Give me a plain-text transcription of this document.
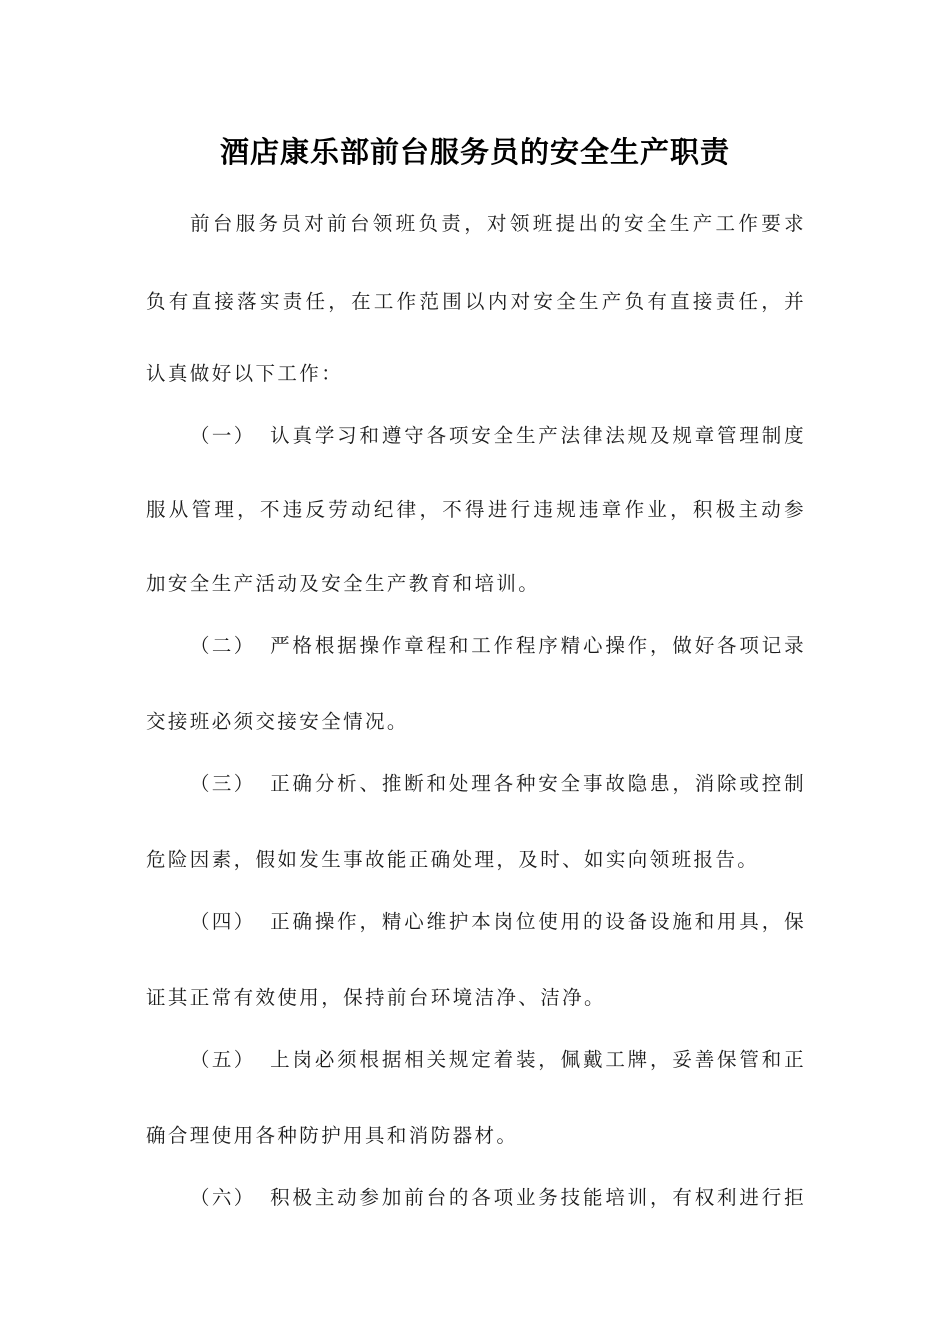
酒店康乐部前台服务员的安全生产职责
前台服务员对前台领班负责，对领班提出的安全生产工作要求
负有直接落实责任，在工作范围以内对安全生产负有直接责任，并
认真做好以下工作：
（一） 认真学习和遵守各项安全生产法律法规及规章管理制度
服从管理，不违反劳动纪律，不得进行违规违章作业，积极主动参
加安全生产活动及安全生产教育和培训。
（二） 严格根据操作章程和工作程序精心操作，做好各项记录
交接班必须交接安全情况。
（三） 正确分析、推断和处理各种安全事故隐患，消除或控制
危险因素，假如发生事故能正确处理，及时、如实向领班报告。
（四） 正确操作，精心维护本岗位使用的设备设施和用具，保
证其正常有效使用，保持前台环境洁净、洁净。
（五） 上岗必须根据相关规定着装，佩戴工牌，妥善保管和正
确合理使用各种防护用具和消防器材。
（六） 积极主动参加前台的各项业务技能培训，有权利进行拒
